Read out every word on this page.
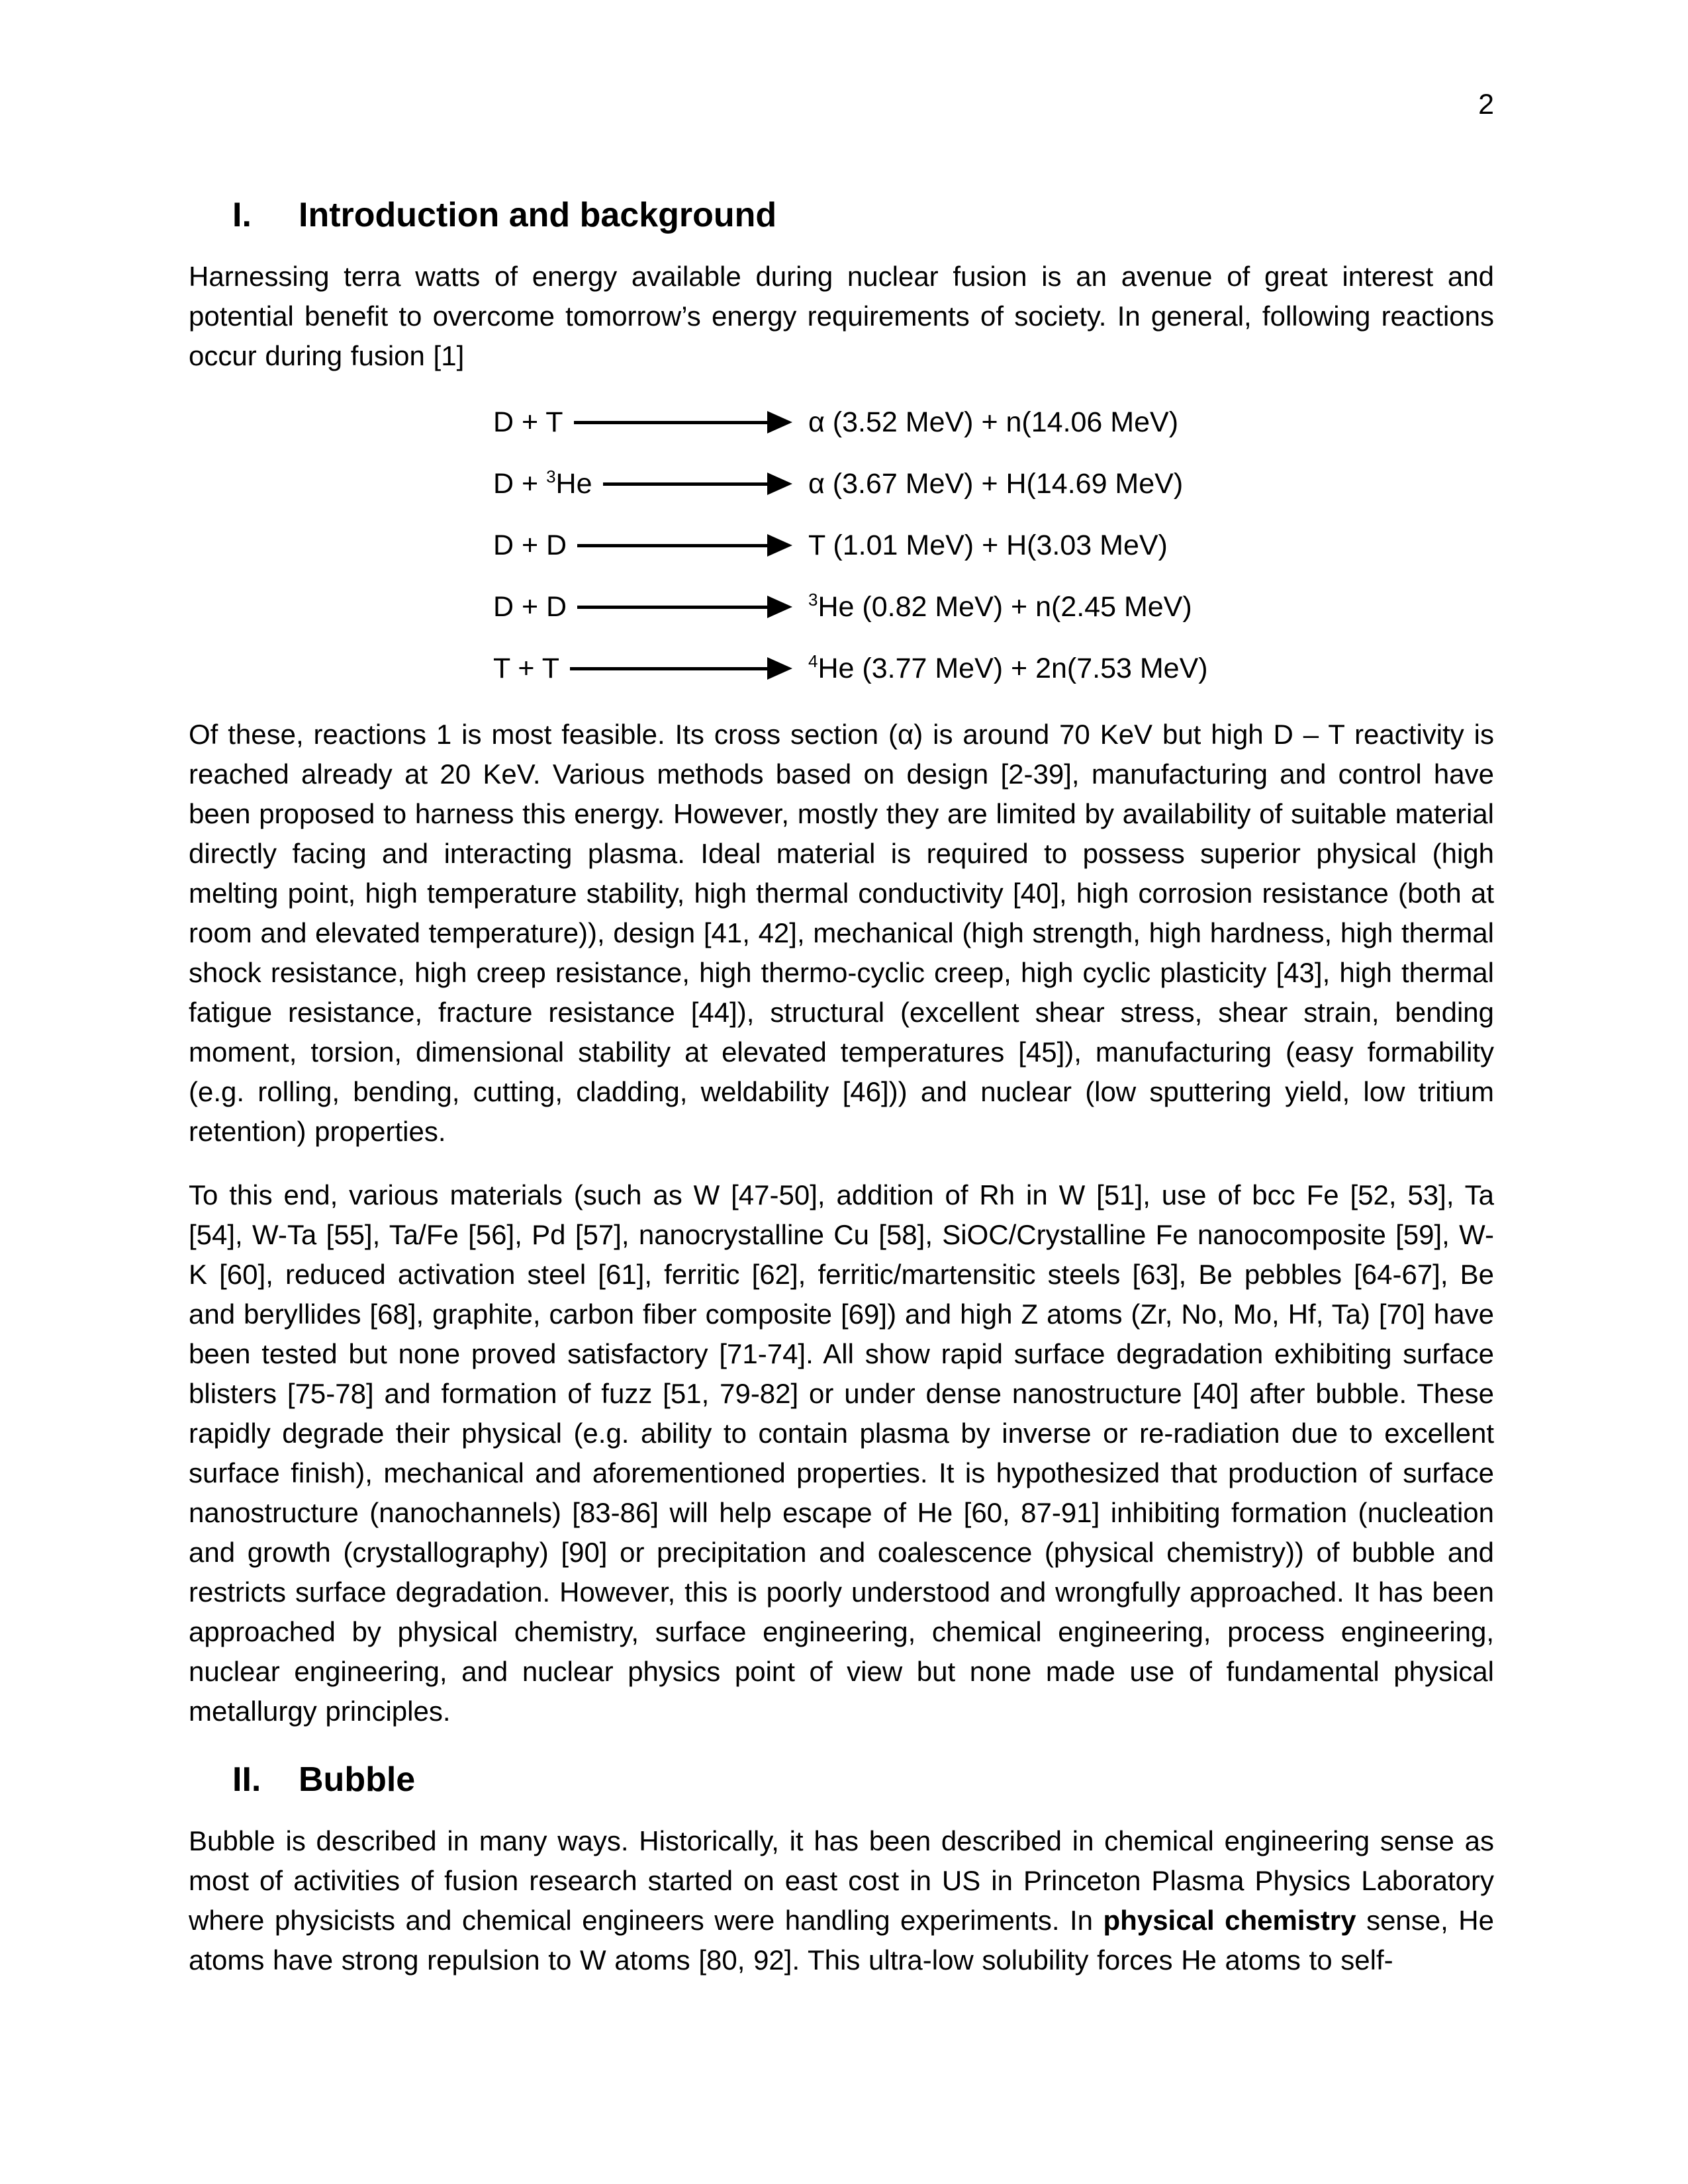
2
I.	Introduction and background

Harnessing terra watts of energy available during nuclear fusion is an avenue of great interest and potential benefit to overcome tomorrow’s energy requirements of society. In general, following reactions occur during fusion [1]

D + T	α (3.52 MeV) + n(14.06 MeV)
D + $^3$He	α (3.67 MeV) + H(14.69 MeV)
D + D	T (1.01 MeV) + H(3.03 MeV)
D + D	$^3$He (0.82 MeV) + n(2.45 MeV)
T + T	$^4$He (3.77 MeV) + 2n(7.53 MeV)

Of these, reactions 1 is most feasible. Its cross section (α) is around 70 KeV but high D – T reactivity is reached already at 20 KeV. Various methods based on design [2-39], manufacturing and control have been proposed to harness this energy. However, mostly they are limited by availability of suitable material directly facing and interacting plasma. Ideal material is required to possess superior physical (high melting point, high temperature stability, high thermal conductivity [40], high corrosion resistance (both at room and elevated temperature)), design [41, 42], mechanical (high strength, high hardness, high thermal shock resistance, high creep resistance, high thermo-cyclic creep, high cyclic plasticity [43], high thermal fatigue resistance, fracture resistance [44]), structural (excellent shear stress, shear strain, bending moment, torsion, dimensional stability at elevated temperatures [45]), manufacturing (easy formability (e.g. rolling, bending, cutting, cladding, weldability [46])) and nuclear (low sputtering yield, low tritium retention) properties.

To this end, various materials (such as W [47-50], addition of Rh in W [51], use of bcc Fe [52, 53], Ta [54], W-Ta [55], Ta/Fe [56], Pd [57], nanocrystalline Cu [58], SiOC/Crystalline Fe nanocomposite [59], W-K [60], reduced activation steel [61], ferritic [62], ferritic/martensitic steels [63], Be pebbles [64-67], Be and beryllides [68], graphite, carbon fiber composite [69]) and high Z atoms (Zr, No, Mo, Hf, Ta) [70] have been tested but none proved satisfactory [71-74]. All show rapid surface degradation exhibiting surface blisters [75-78] and formation of fuzz [51, 79-82] or under dense nanostructure [40] after bubble. These rapidly degrade their physical (e.g. ability to contain plasma by inverse or re-radiation due to excellent surface finish), mechanical and aforementioned properties. It is hypothesized that production of surface nanostructure (nanochannels) [83-86] will help escape of He [60, 87-91] inhibiting formation (nucleation and growth (crystallography) [90] or precipitation and coalescence (physical chemistry)) of bubble and restricts surface degradation. However, this is poorly understood and wrongfully approached. It has been approached by physical chemistry, surface engineering, chemical engineering, process engineering, nuclear engineering, and nuclear physics point of view but none made use of fundamental physical metallurgy principles.

II.	Bubble

Bubble is described in many ways. Historically, it has been described in chemical engineering sense as most of activities of fusion research started on east cost in US in Princeton Plasma Physics Laboratory where physicists and chemical engineers were handling experiments. In physical chemistry sense, He atoms have strong repulsion to W atoms [80, 92]. This ultra-low solubility forces He atoms to self-
